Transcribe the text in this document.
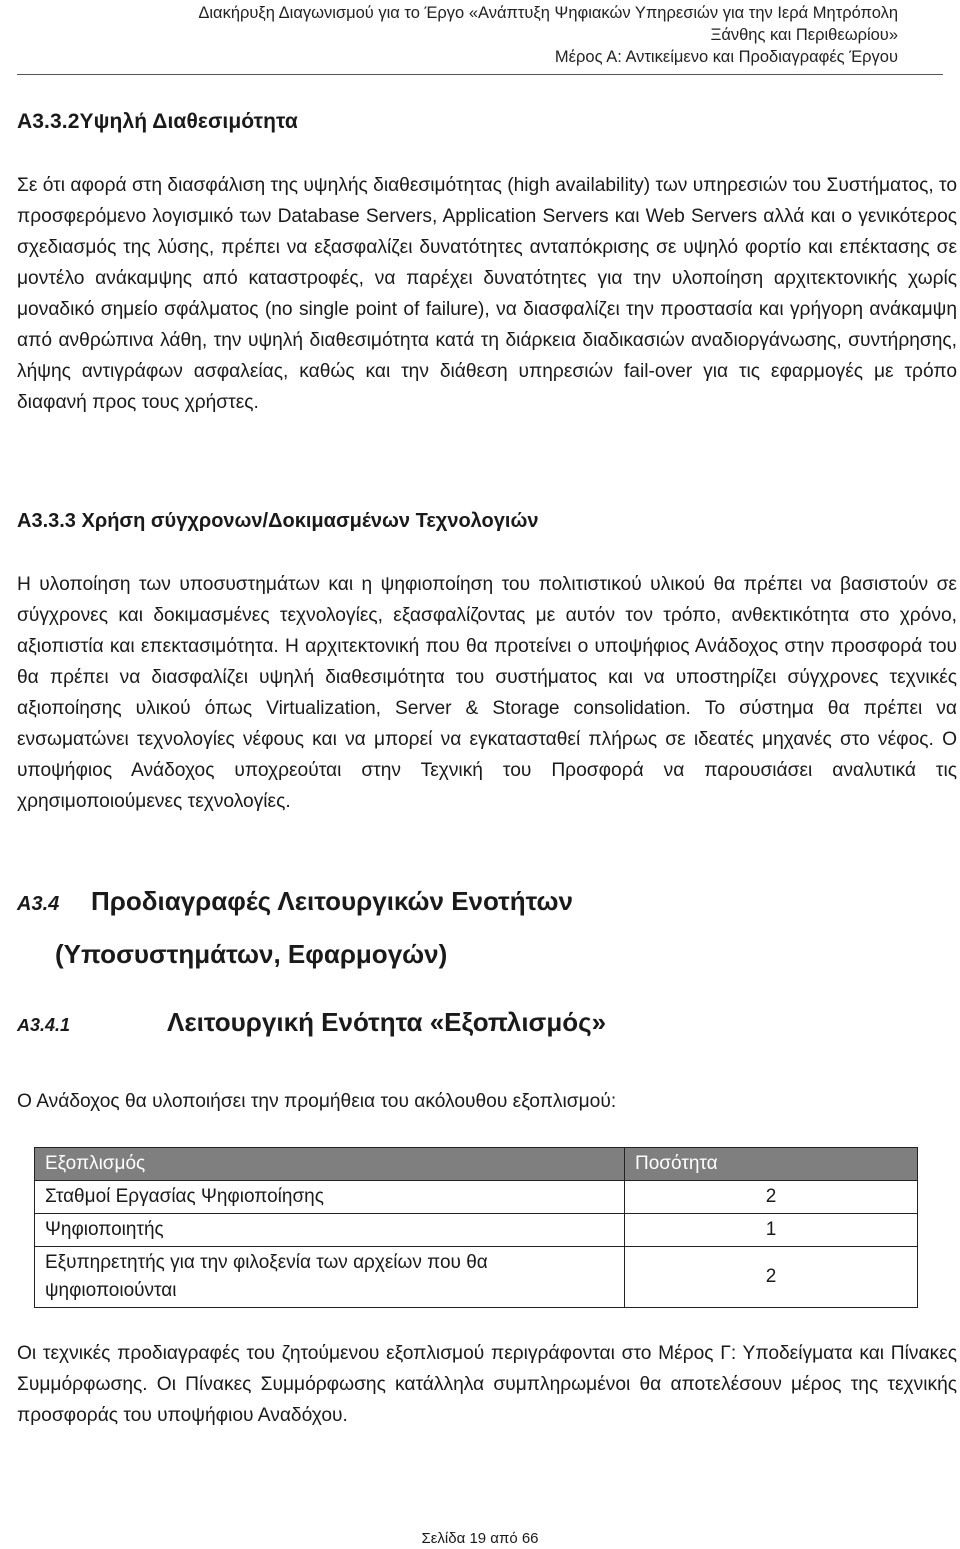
Διακήρυξη Διαγωνισμού για το Έργο «Ανάπτυξη Ψηφιακών Υπηρεσιών για την Ιερά Μητρόπολη
Ξάνθης και Περιθεωρίου»
Μέρος Α: Αντικείμενο και Προδιαγραφές Έργου
Α3.3.2Υψηλή Διαθεσιμότητα

Σε ότι αφορά στη διασφάλιση της υψηλής διαθεσιμότητας (high availability) των υπηρεσιών του Συστήματος, το προσφερόμενο λογισμικό των Database Servers, Application Servers και Web Servers αλλά και ο γενικότερος σχεδιασμός της λύσης, πρέπει να εξασφαλίζει δυνατότητες ανταπόκρισης σε υψηλό φορτίο και επέκτασης σε μοντέλο ανάκαμψης από καταστροφές, να παρέχει δυνατότητες για την υλοποίηση αρχιτεκτονικής χωρίς μοναδικό σημείο σφάλματος (no single point of failure), να διασφαλίζει την προστασία και γρήγορη ανάκαμψη από ανθρώπινα λάθη, την υψηλή διαθεσιμότητα κατά τη διάρκεια διαδικασιών αναδιοργάνωσης, συντήρησης, λήψης αντιγράφων ασφαλείας, καθώς και την διάθεση υπηρεσιών fail-over για τις εφαρμογές με τρόπο διαφανή προς τους χρήστες.

Α3.3.3 Χρήση σύγχρονων/Δοκιμασμένων Τεχνολογιών

Η υλοποίηση των υποσυστημάτων και η ψηφιοποίηση του πολιτιστικού υλικού θα πρέπει να βασιστούν σε σύγχρονες και δοκιμασμένες τεχνολογίες, εξασφαλίζοντας με αυτόν τον τρόπο, ανθεκτικότητα στο χρόνο, αξιοπιστία και επεκτασιμότητα. Η αρχιτεκτονική που θα προτείνει ο υποψήφιος Ανάδοχος στην προσφορά του θα πρέπει να διασφαλίζει υψηλή διαθεσιμότητα του συστήματος και να υποστηρίζει σύγχρονες τεχνικές αξιοποίησης υλικού όπως Virtualization, Server & Storage consolidation. Το σύστημα θα πρέπει να ενσωματώνει τεχνολογίες νέφους και να μπορεί να εγκατασταθεί πλήρως σε ιδεατές μηχανές στο νέφος. Ο υποψήφιος Ανάδοχος υποχρεούται στην Τεχνική του Προσφορά να παρουσιάσει αναλυτικά τις χρησιμοποιούμενες τεχνολογίες.

Α3.4 Προδιαγραφές Λειτουργικών Ενοτήτων
(Υποσυστημάτων, Εφαρμογών)
Α3.4.1	Λειτουργική Ενότητα «Εξοπλισμός»

Ο Ανάδοχος θα υλοποιήσει την προμήθεια του ακόλουθου εξοπλισμού:

Εξοπλισμός	Ποσότητα
Σταθμοί Εργασίας Ψηφιοποίησης	2
Ψηφιοποιητής	1
Εξυπηρετητής για την φιλοξενία των αρχείων που θα ψηφιοποιούνται	2

Οι τεχνικές προδιαγραφές του ζητούμενου εξοπλισμού περιγράφονται στο Μέρος Γ: Υποδείγματα και Πίνακες Συμμόρφωσης. Οι Πίνακες Συμμόρφωσης κατάλληλα συμπληρωμένοι θα αποτελέσουν μέρος της τεχνικής προσφοράς του υποψήφιου Αναδόχου.

Σελίδα 19 από 66
